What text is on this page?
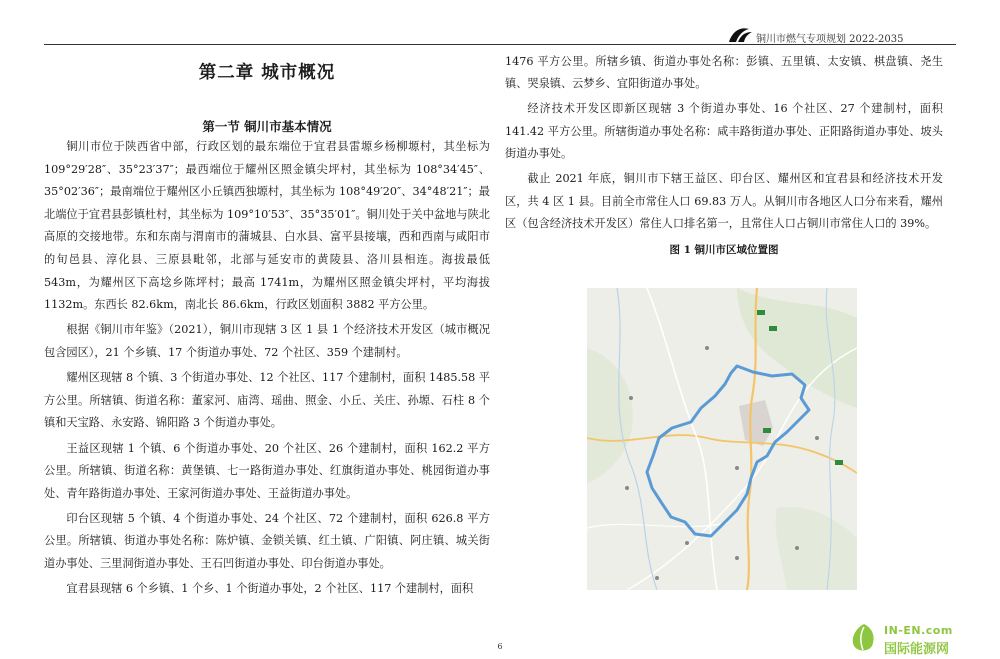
铜川市燃气专项规划 2022-2035
第二章 城市概况
第一节 铜川市基本情况

铜川市位于陕西省中部，行政区划的最东端位于宜君县雷塬乡杨柳塬村，其坐标为 109°29′28″、35°23′37″；最西端位于耀州区照金镇尖坪村，其坐标为 108°34′45″、35°02′36″；最南端位于耀州区小丘镇西独塬村，其坐标为 108°49′20″、34°48′21″；最北端位于宜君县彭镇杜村，其坐标为 109°10′53″、35°35′01″。铜川处于关中盆地与陕北高原的交接地带。东和东南与渭南市的蒲城县、白水县、富平县接壤，西和西南与咸阳市的旬邑县、淳化县、三原县毗邻，北部与延安市的黄陵县、洛川县相连。海拔最低 543m，为耀州区下高埝乡陈坪村；最高 1741m，为耀州区照金镇尖坪村，平均海拔 1132m。东西长 82.6km，南北长 86.6km，行政区划面积 3882 平方公里。

根据《铜川市年鉴》（2021），铜川市现辖 3 区 1 县 1 个经济技术开发区（城市概况包含园区），21 个乡镇、17 个街道办事处、72 个社区、359 个建制村。

耀州区现辖 8 个镇、3 个街道办事处、12 个社区、117 个建制村，面积 1485.58 平方公里。所辖镇、街道名称：董家河、庙湾、瑶曲、照金、小丘、关庄、孙塬、石柱 8 个镇和天宝路、永安路、锦阳路 3 个街道办事处。

王益区现辖 1 个镇、6 个街道办事处、20 个社区、26 个建制村，面积 162.2 平方公里。所辖镇、街道名称：黄堡镇、七一路街道办事处、红旗街道办事处、桃园街道办事处、青年路街道办事处、王家河街道办事处、王益街道办事处。

印台区现辖 5 个镇、4 个街道办事处、24 个社区、72 个建制村，面积 626.8 平方公里。所辖镇、街道办事处名称：陈炉镇、金锁关镇、红土镇、广阳镇、阿庄镇、城关街道办事处、三里洞街道办事处、王石凹街道办事处、印台街道办事处。

宜君县现辖 6 个乡镇、1 个乡、1 个街道办事处，2 个社区、117 个建制村，面积

1476 平方公里。所辖乡镇、街道办事处名称：彭镇、五里镇、太安镇、棋盘镇、尧生镇、哭泉镇、云梦乡、宜阳街道办事处。

经济技术开发区即新区现辖 3 个街道办事处、16 个社区、27 个建制村，面积 141.42 平方公里。所辖街道办事处名称：咸丰路街道办事处、正阳路街道办事处、坡头街道办事处。

截止 2021 年底，铜川市下辖王益区、印台区、耀州区和宜君县和经济技术开发区，共 4 区 1 县。目前全市常住人口 69.83 万人。从铜川市各地区人口分布来看，耀州区（包含经济技术开发区）常住人口排名第一，且常住人口占铜川市常住人口的 39%。

图 1 铜川市区域位置图

6
IN-EN.com
国际能源网
